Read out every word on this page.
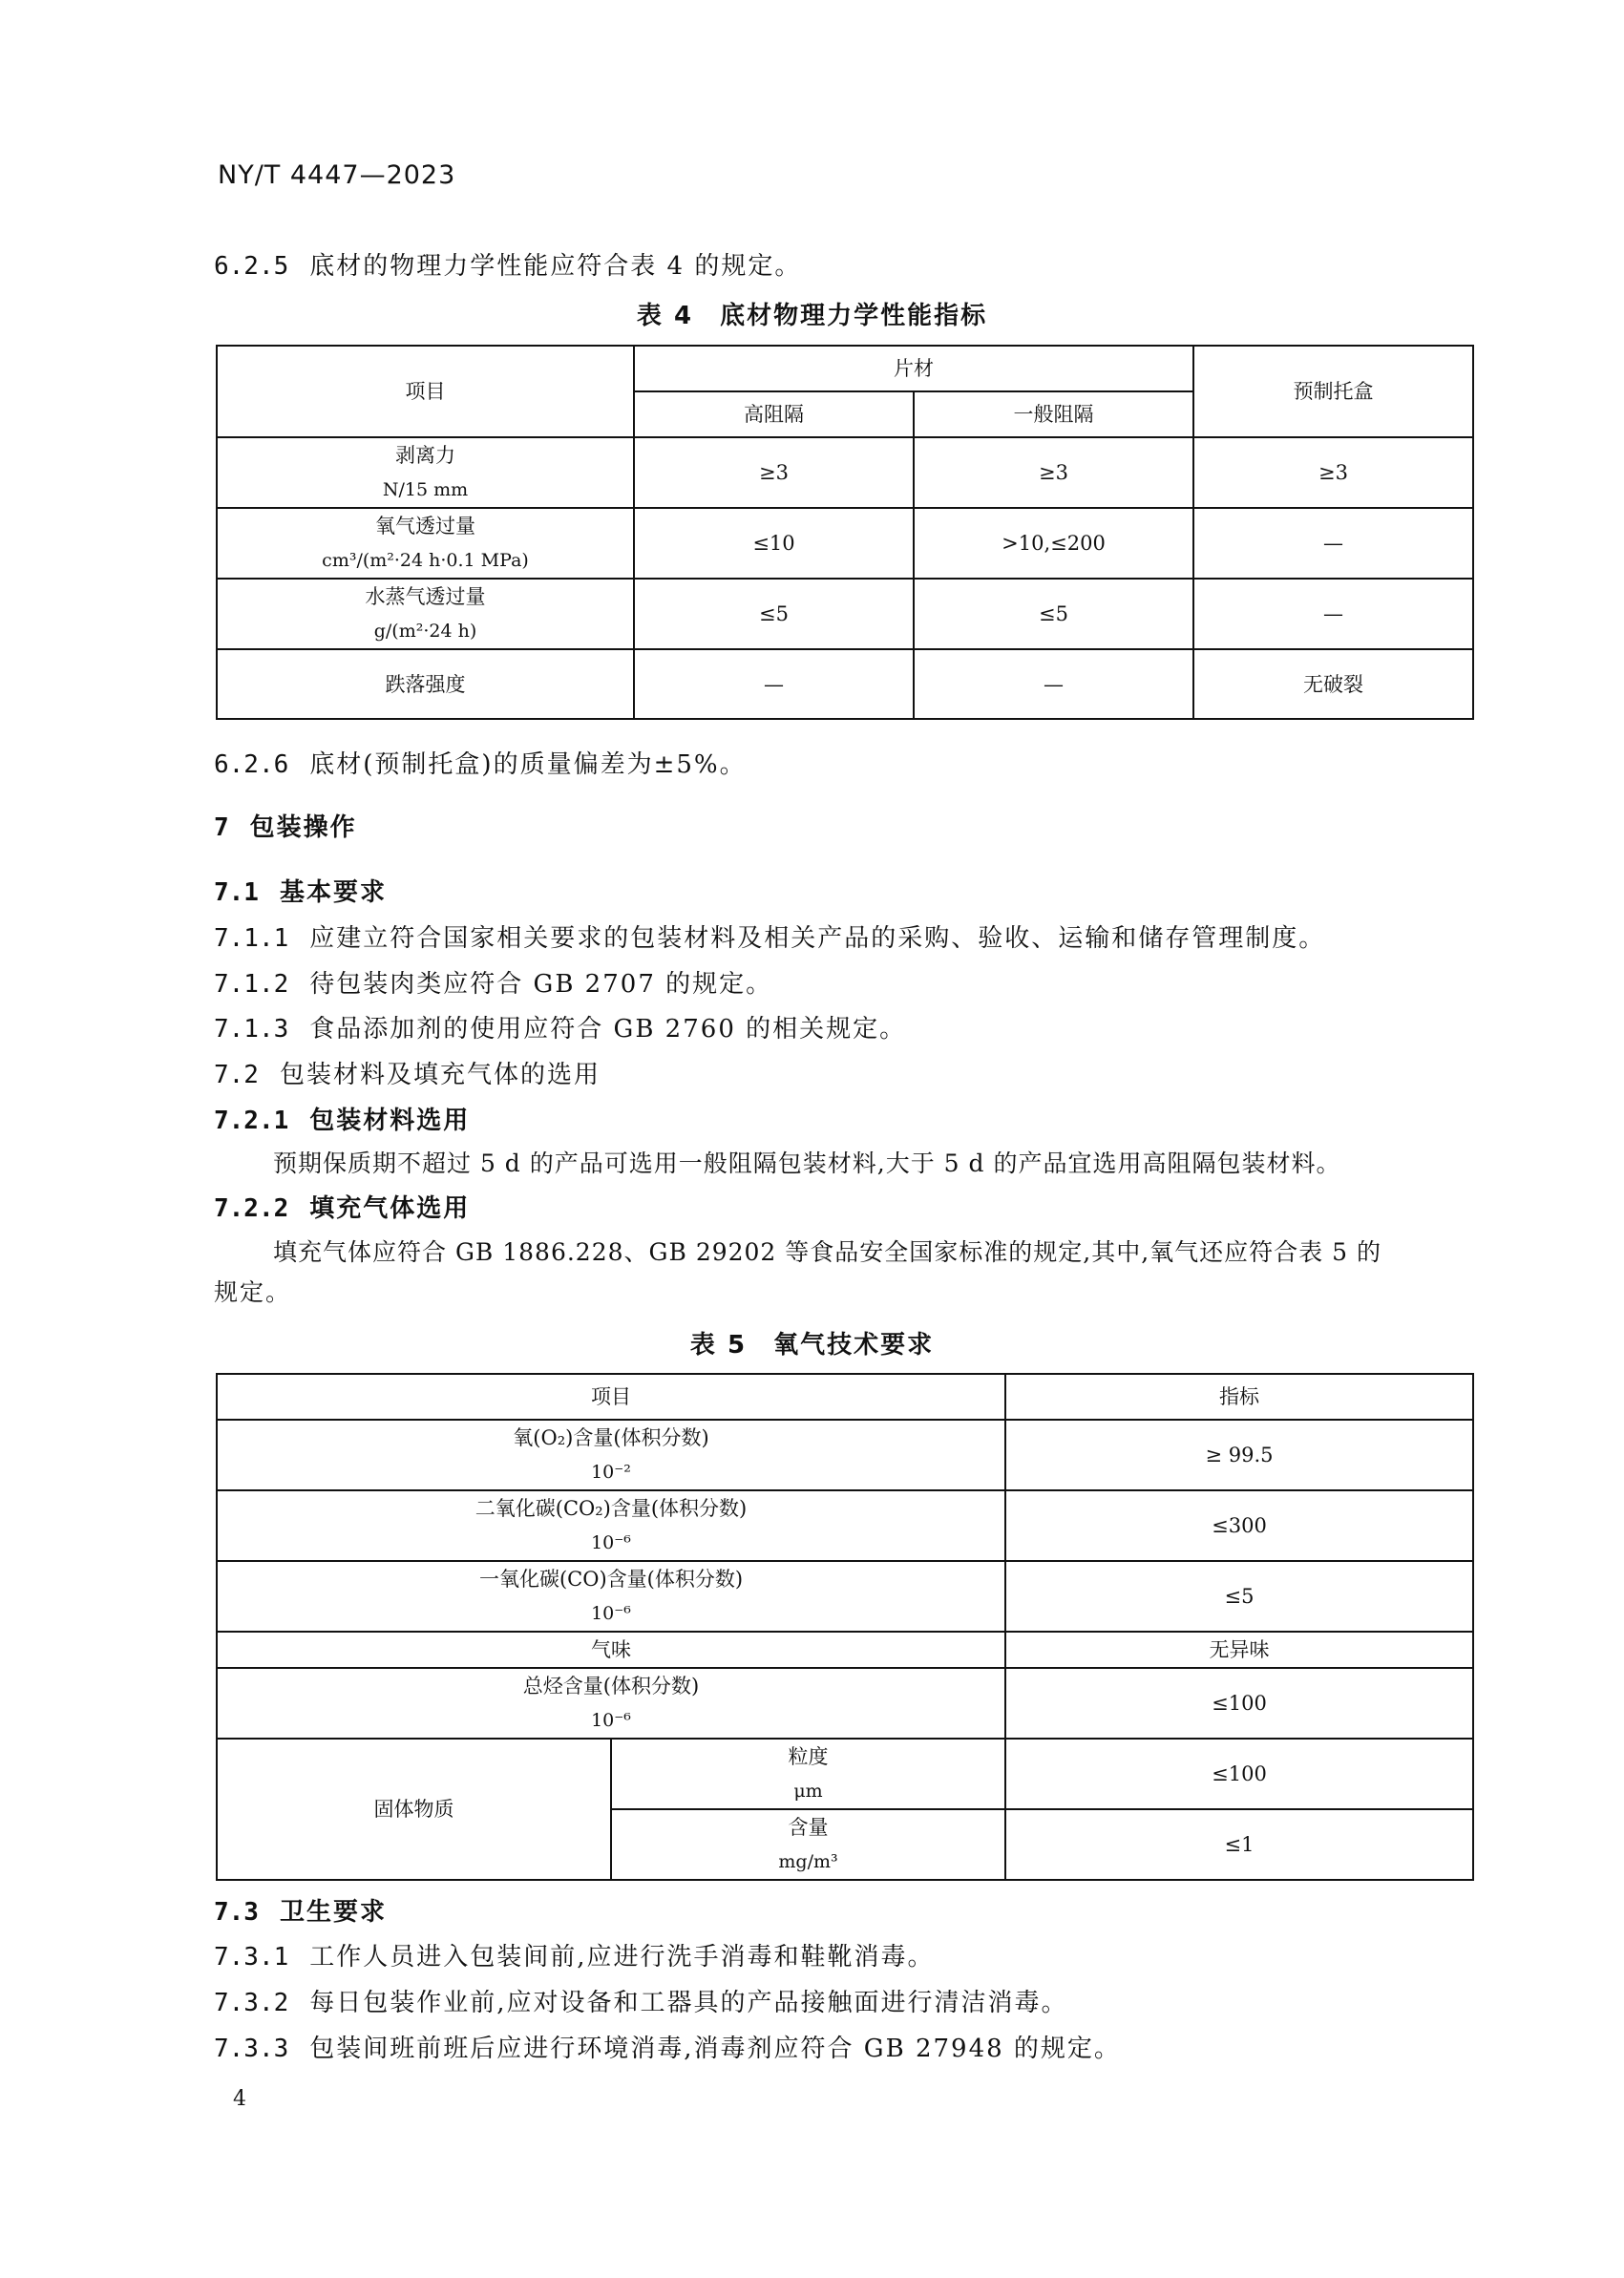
NY/T 4447—2023
6.2.5 底材的物理力学性能应符合表 4 的规定。
表 4　底材物理力学性能指标
项目	片材		预制托盒
	高阻隔	一般阻隔	
剥离力
N/15 mm	≥3	≥3	≥3
氧气透过量
cm³/(m²·24 h·0.1 MPa)	≤10	>10,≤200	—
水蒸气透过量
g/(m²·24 h)	≤5	≤5	—
跌落强度	—	—	无破裂
6.2.6 底材(预制托盒)的质量偏差为±5%。
7 包装操作
7.1 基本要求
7.1.1 应建立符合国家相关要求的包装材料及相关产品的采购、验收、运输和储存管理制度。
7.1.2 待包装肉类应符合 GB 2707 的规定。
7.1.3 食品添加剂的使用应符合 GB 2760 的相关规定。
7.2 包装材料及填充气体的选用
7.2.1 包装材料选用
预期保质期不超过 5 d 的产品可选用一般阻隔包装材料,大于 5 d 的产品宜选用高阻隔包装材料。
7.2.2 填充气体选用
填充气体应符合 GB 1886.228、GB 29202 等食品安全国家标准的规定,其中,氧气还应符合表 5 的
规定。
表 5　氧气技术要求
项目		指标
氧(O₂)含量(体积分数)
10⁻²		≥ 99.5
二氧化碳(CO₂)含量(体积分数)
10⁻⁶		≤300
一氧化碳(CO)含量(体积分数)
10⁻⁶		≤5
气味		无异味
总烃含量(体积分数)
10⁻⁶		≤100
固体物质	粒度
μm	≤100
	含量
mg/m³	≤1
7.3 卫生要求
7.3.1 工作人员进入包装间前,应进行洗手消毒和鞋靴消毒。
7.3.2 每日包装作业前,应对设备和工器具的产品接触面进行清洁消毒。
7.3.3 包装间班前班后应进行环境消毒,消毒剂应符合 GB 27948 的规定。
4
